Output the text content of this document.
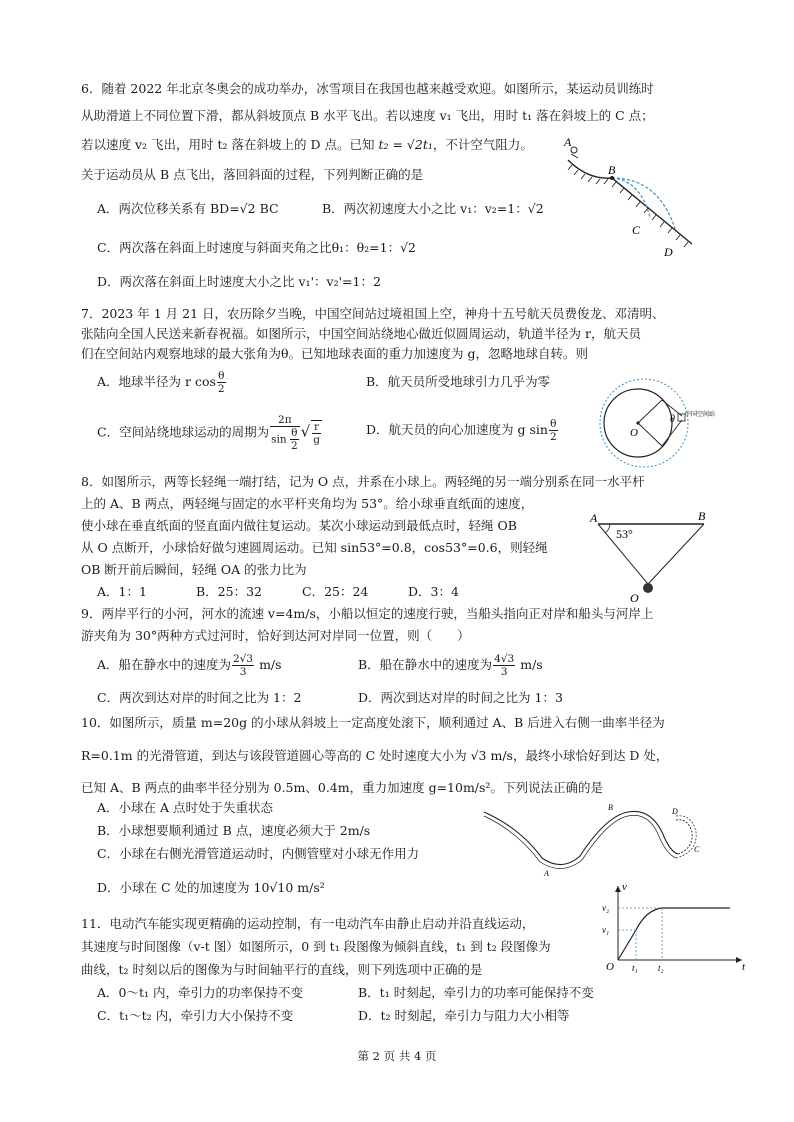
6．随着 2022 年北京冬奥会的成功举办，冰雪项目在我国也越来越受欢迎。如图所示，某运动员训练时
从助滑道上不同位置下滑，都从斜坡顶点 B 水平飞出。若以速度 v₁ 飞出，用时 t₁ 落在斜坡上的 C 点；
若以速度 v₂ 飞出，用时 t₂ 落在斜坡上的 D 点。已知 t₂ = √2t₁，不计空气阻力。
关于运动员从 B 点飞出，落回斜面的过程，下列判断正确的是
A．两次位移关系有 BD=√2 BC	B．两次初速度大小之比 v₁：v₂=1：√2
C．两次落在斜面上时速度与斜面夹角之比θ₁：θ₂=1：√2
D．两次落在斜面上时速度大小之比 v₁'：v₂'=1：2
A
B
C
D
7．2023 年 1 月 21 日，农历除夕当晚，中国空间站过境祖国上空，神舟十五号航天员费俊龙、邓清明、
张陆向全国人民送来新春祝福。如图所示，中国空间站绕地心做近似圆周运动，轨道半径为 r，航天员
们在空间站内观察地球的最大张角为θ。已知地球表面的重力加速度为 g，忽略地球自转。则
A．地球半径为 r $\cos \frac{\theta}{2}$	B．航天员所受地球引力几乎为零
C．空间站绕地球运动的周期为 $\frac{2\pi}{\sin \frac{\theta}{2}}$ √ $\frac{r}{g}$	D．航天员的向心加速度为 g $\sin \frac{\theta}{2}$	O
θ 中国空间站
8．如图所示，两等长轻绳一端打结，记为 O 点，并系在小球上。两轻绳的另一端分别系在同一水平杆
上的 A、B 两点，两轻绳与固定的水平杆夹角均为 53°。给小球垂直纸面的速度，
使小球在垂直纸面的竖直面内做往复运动。某次小球运动到最低点时，轻绳 OB
从 O 点断开，小球恰好做匀速圆周运动。已知 sin53°=0.8，cos53°=0.6，则轻绳
OB 断开前后瞬间，轻绳 OA 的张力比为
A．1：1	B．25：32	C．25：24	D．3：4
A	B
53°
O
9．两岸平行的小河，河水的流速 v=4m/s，小船以恒定的速度行驶，当船头指向正对岸和船头与河岸上
游夹角为 30°两种方式过河时，恰好到达河对岸同一位置，则（　　）
A．船在静水中的速度为 $\frac{2√3}{3} m/s$	B．船在静水中的速度为 $\frac{4√3}{3} m/s$
C．两次到达对岸的时间之比为 1：2	D．两次到达对岸的时间之比为 1：3
10．如图所示，质量 m=20g 的小球从斜坡上一定高度处滚下，顺利通过 A、B 后进入右侧一曲率半径为
R=0.1m 的光滑管道，到达与该段管道圆心等高的 C 处时速度大小为 √3 m/s，最终小球恰好到达 D 处，
已知 A、B 两点的曲率半径分别为 0.5m、0.4m，重力加速度 g=10m/s²。下列说法正确的是
A．小球在 A 点时处于失重状态
B．小球想要顺利通过 B 点，速度必须大于 2m/s
C．小球在右侧光滑管道运动时，内侧管壁对小球无作用力
D．小球在 C 处的加速度为 10√10 m/s²
A
B
C
D
11．电动汽车能实现更精确的运动控制，有一电动汽车由静止启动并沿直线运动，
其速度与时间图像（v-t 图）如图所示，0 到 t₁ 段图像为倾斜直线，t₁ 到 t₂ 段图像为
曲线，t₂ 时刻以后的图像为与时间轴平行的直线，则下列选项中正确的是
A．0～t₁ 内，牵引力的功率保持不变	B．t₁ 时刻起，牵引力的功率可能保持不变
C．t₁～t₂ 内，牵引力大小保持不变	D．t₂ 时刻起，牵引力与阻力大小相等
v
t
O
v₁
v₂
t₁ t₂
第 2 页 共 4 页
